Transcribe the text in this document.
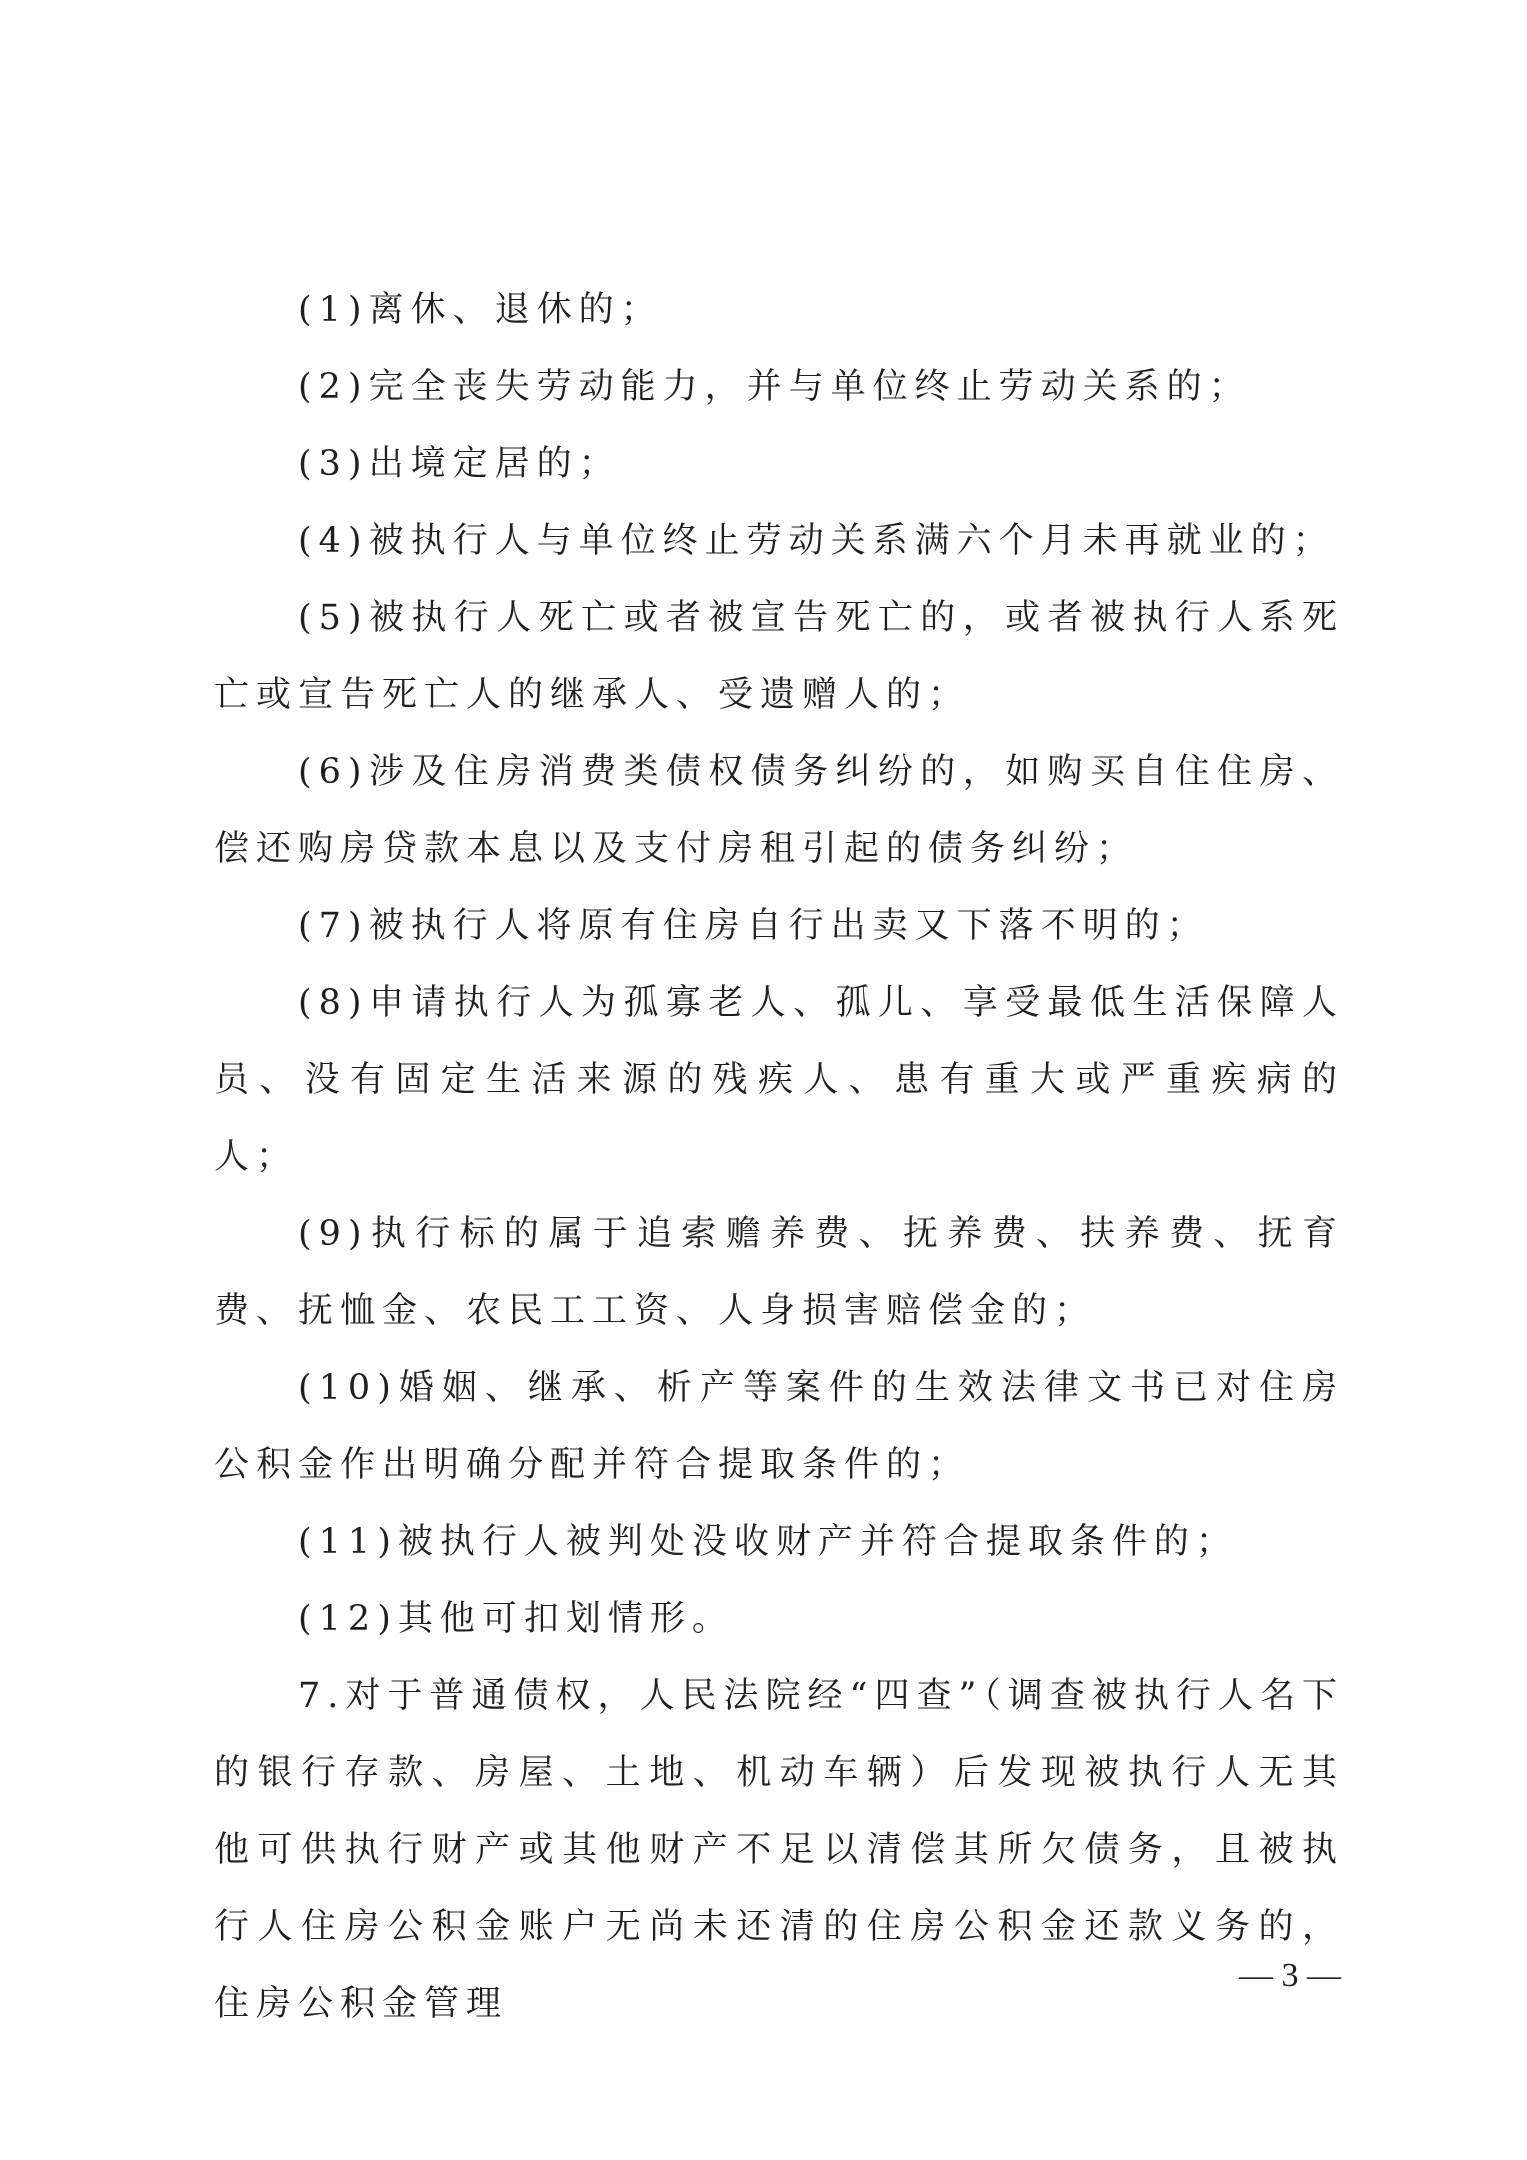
(1)离休、退休的；

(2)完全丧失劳动能力，并与单位终止劳动关系的；

(3)出境定居的；

(4)被执行人与单位终止劳动关系满六个月未再就业的；

(5)被执行人死亡或者被宣告死亡的，或者被执行人系死亡或宣告死亡人的继承人、受遗赠人的；

(6)涉及住房消费类债权债务纠纷的，如购买自住住房、偿还购房贷款本息以及支付房租引起的债务纠纷；

(7)被执行人将原有住房自行出卖又下落不明的；

(8)申请执行人为孤寡老人、孤儿、享受最低生活保障人员、没有固定生活来源的残疾人、患有重大或严重疾病的人；

(9)执行标的属于追索赡养费、抚养费、扶养费、抚育费、抚恤金、农民工工资、人身损害赔偿金的；

(10)婚姻、继承、析产等案件的生效法律文书已对住房公积金作出明确分配并符合提取条件的；

(11)被执行人被判处没收财产并符合提取条件的；

(12)其他可扣划情形。

7.对于普通债权，人民法院经“四查”（调查被执行人名下的银行存款、房屋、土地、机动车辆）后发现被执行人无其他可供执行财产或其他财产不足以清偿其所欠债务，且被执行人住房公积金账户无尚未还清的住房公积金还款义务的，住房公积金管理

— 3 —
